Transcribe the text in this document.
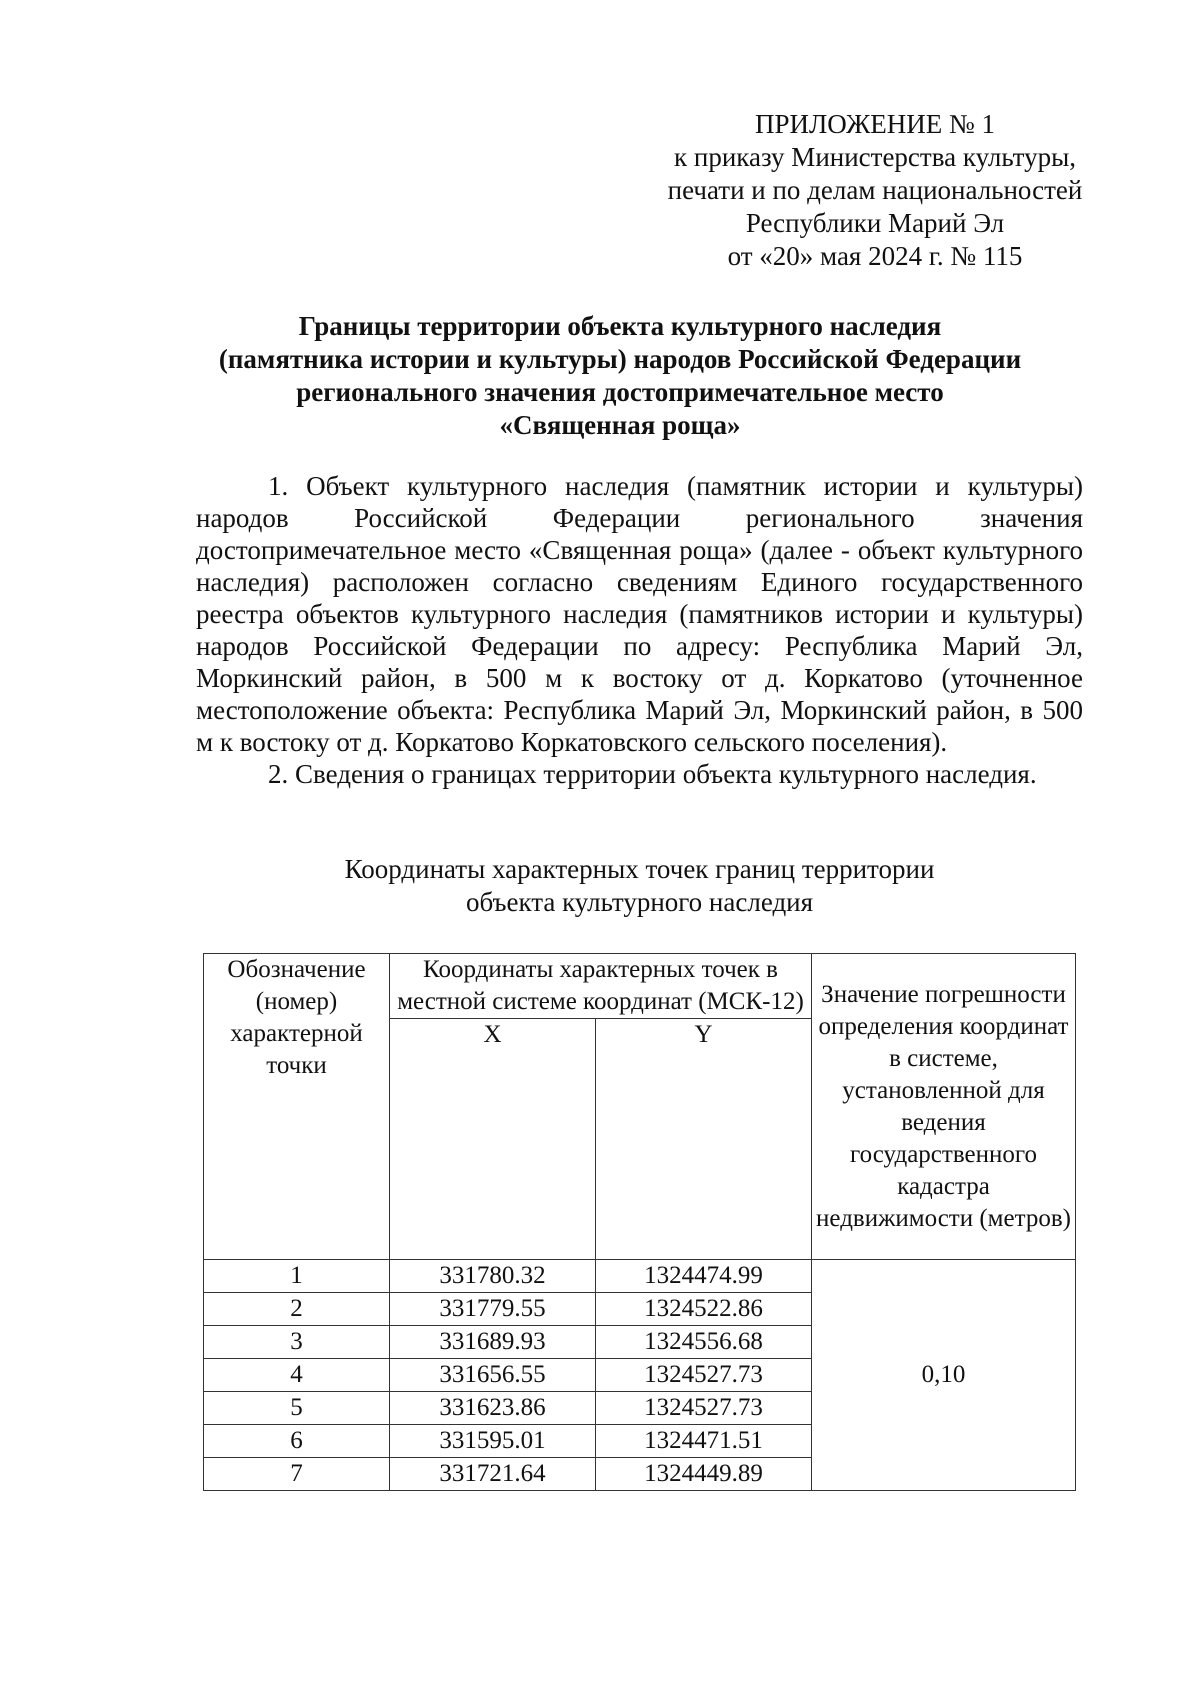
ПРИЛОЖЕНИЕ № 1
к приказу Министерства культуры,
печати и по делам национальностей
Республики Марий Эл
от «20» мая 2024 г. № 115
Границы территории объекта культурного наследия
(памятника истории и культуры) народов Российской Федерации
регионального значения достопримечательное место
«Священная роща»

1. Объект культурного наследия (памятник истории и культуры) народов Российской Федерации регионального значения достопримечательное место «Священная роща» (далее - объект культурного наследия) расположен согласно сведениям Единого государственного реестра объектов культурного наследия (памятников истории и культуры) народов Российской Федерации по адресу: Республика Марий Эл, Моркинский район, в 500 м к востоку от д. Коркатово (уточненное местоположение объекта: Республика Марий Эл, Моркинский район, в 500 м к востоку от д. Коркатово Коркатовского сельского поселения).

2. Сведения о границах территории объекта культурного наследия.

Координаты характерных точек границ территории
объекта культурного наследия
Обозначение (номер) характерной точки	Координаты характерных точек в местной системе координат (МСК-12)		Значение погрешности определения координат в системе, установленной для ведения государственного кадастра недвижимости (метров)
	X	Y	
1	331780.32	1324474.99	0,10
2	331779.55	1324522.86	
3	331689.93	1324556.68	
4	331656.55	1324527.73	
5	331623.86	1324527.73	
6	331595.01	1324471.51	
7	331721.64	1324449.89	
